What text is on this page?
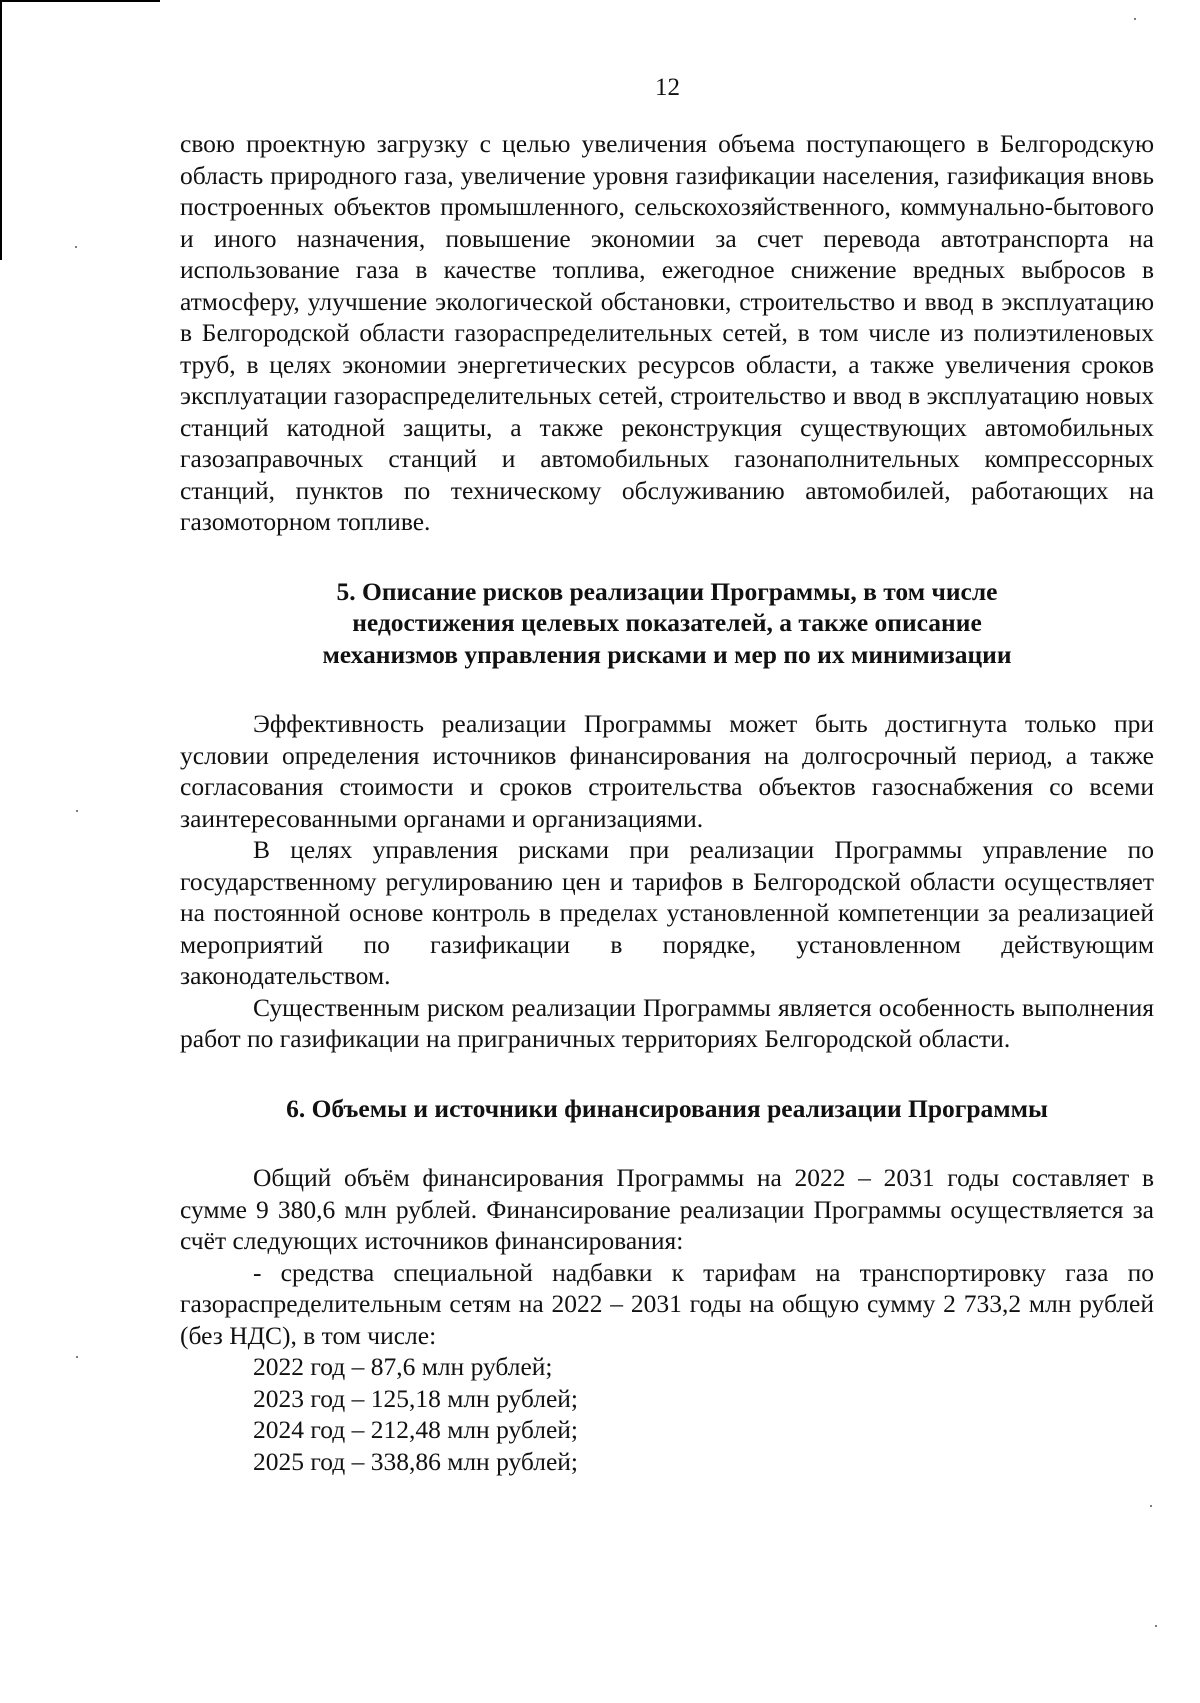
12

свою проектную загрузку с целью увеличения объема поступающего в Белгородскую область природного газа, увеличение уровня газификации населения, газификация вновь построенных объектов промышленного, сельскохозяйственного, коммунально-бытового и иного назначения, повышение экономии за счет перевода автотранспорта на использование газа в качестве топлива, ежегодное снижение вредных выбросов в атмосферу, улучшение экологической обстановки, строительство и ввод в эксплуатацию в Белгородской области газораспределительных сетей, в том числе из полиэтиленовых труб, в целях экономии энергетических ресурсов области, а также увеличения сроков эксплуатации газораспределительных сетей, строительство и ввод в эксплуатацию новых станций катодной защиты, а также реконструкция существующих автомобильных газозаправочных станций и автомобильных газонаполнительных компрессорных станций, пунктов по техническому обслуживанию автомобилей, работающих на газомоторном топливе.

5. Описание рисков реализации Программы, в том числе
недостижения целевых показателей, а также описание
механизмов управления рисками и мер по их минимизации

Эффективность реализации Программы может быть достигнута только при условии определения источников финансирования на долгосрочный период, а также согласования стоимости и сроков строительства объектов газоснабжения со всеми заинтересованными органами и организациями.

В целях управления рисками при реализации Программы управление по государственному регулированию цен и тарифов в Белгородской области осуществляет на постоянной основе контроль в пределах установленной компетенции за реализацией мероприятий по газификации в порядке, установленном действующим законодательством.

Существенным риском реализации Программы является особенность выполнения работ по газификации на приграничных территориях Белгородской области.

6. Объемы и источники финансирования реализации Программы

Общий объём финансирования Программы на 2022 – 2031 годы составляет в сумме 9 380,6 млн рублей. Финансирование реализации Программы осуществляется за счёт следующих источников финансирования:

- средства специальной надбавки к тарифам на транспортировку газа по газораспределительным сетям на 2022 – 2031 годы на общую сумму 2 733,2 млн рублей (без НДС), в том числе:

2022 год – 87,6 млн рублей;

2023 год – 125,18 млн рублей;

2024 год – 212,48 млн рублей;

2025 год – 338,86 млн рублей;
